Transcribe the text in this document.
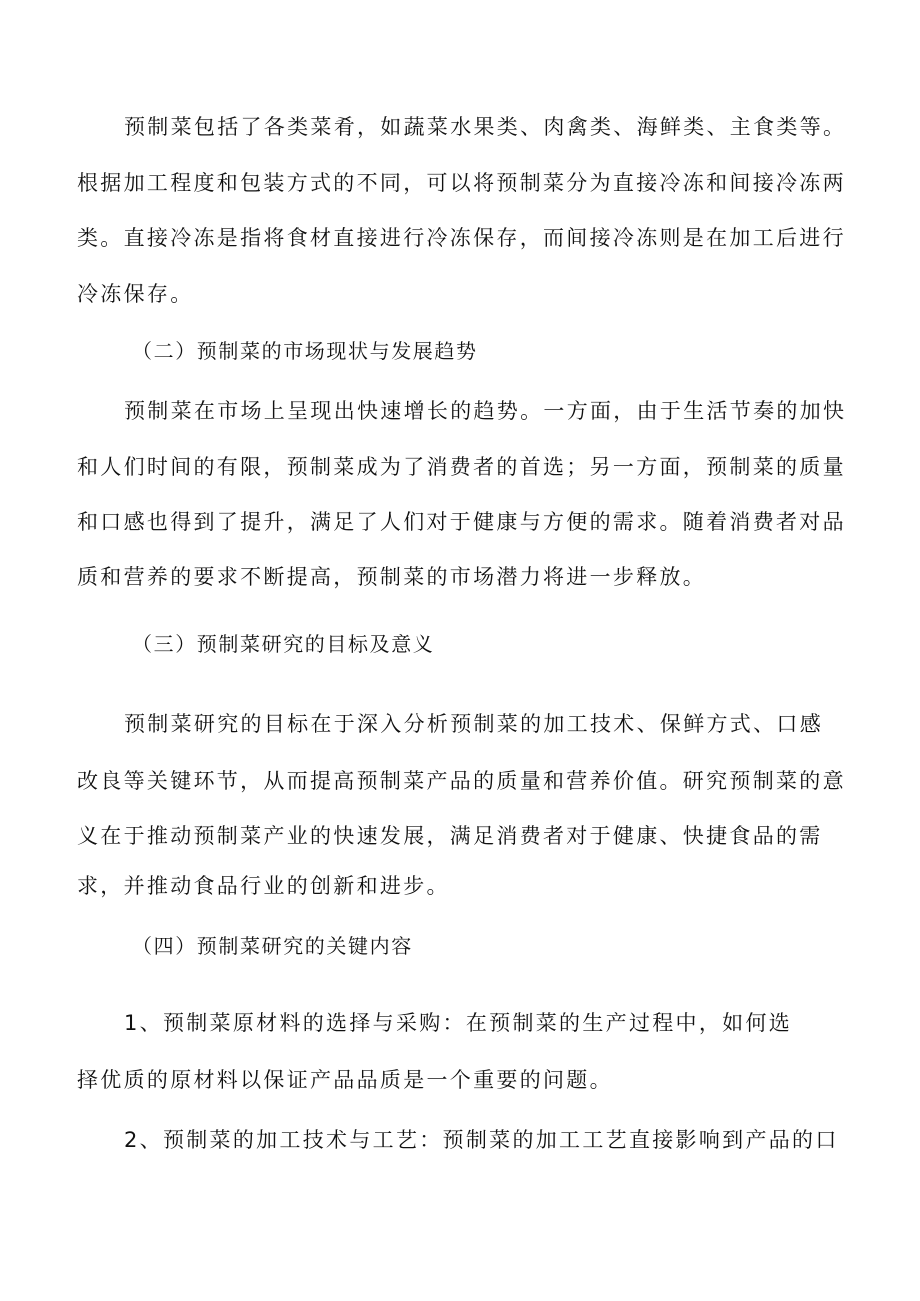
预制菜包括了各类菜肴，如蔬菜水果类、肉禽类、海鲜类、主食类等。

根据加工程度和包装方式的不同，可以将预制菜分为直接冷冻和间接冷冻两

类。直接冷冻是指将食材直接进行冷冻保存，而间接冷冻则是在加工后进行

冷冻保存。

（二）预制菜的市场现状与发展趋势

预制菜在市场上呈现出快速增长的趋势。一方面，由于生活节奏的加快

和人们时间的有限，预制菜成为了消费者的首选；另一方面，预制菜的质量

和口感也得到了提升，满足了人们对于健康与方便的需求。随着消费者对品

质和营养的要求不断提高，预制菜的市场潜力将进一步释放。

（三）预制菜研究的目标及意义

预制菜研究的目标在于深入分析预制菜的加工技术、保鲜方式、口感

改良等关键环节，从而提高预制菜产品的质量和营养价值。研究预制菜的意

义在于推动预制菜产业的快速发展，满足消费者对于健康、快捷食品的需

求，并推动食品行业的创新和进步。

（四）预制菜研究的关键内容

1、预制菜原材料的选择与采购：在预制菜的生产过程中，如何选

择优质的原材料以保证产品品质是一个重要的问题。

2、预制菜的加工技术与工艺：预制菜的加工工艺直接影响到产品的口
